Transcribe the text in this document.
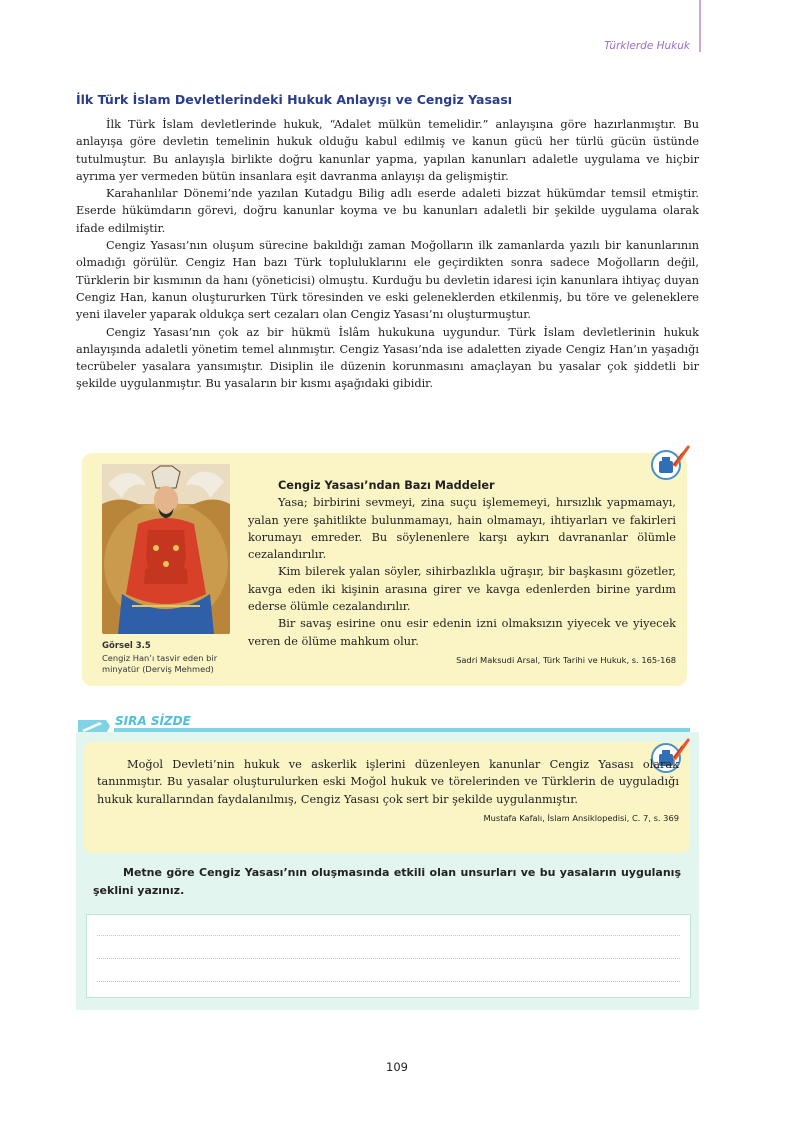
Türklerde Hukuk
İlk Türk İslam Devletlerindeki Hukuk Anlayışı ve Cengiz Yasası

İlk Türk İslam devletlerinde hukuk, “Adalet mülkün temelidir.” anlayışına göre hazırlanmıştır. Bu anlayışa göre devletin temelinin hukuk olduğu kabul edilmiş ve kanun gücü her türlü gücün üstünde tutulmuştur. Bu anlayışla birlikte doğru kanunlar yapma, yapılan kanunları adaletle uygulama ve hiçbir ayrıma yer vermeden bütün insanlara eşit davranma anlayışı da gelişmiştir.

Karahanlılar Dönemi’nde yazılan Kutadgu Bilig adlı eserde adaleti bizzat hükümdar temsil etmiştir. Eserde hükümdarın görevi, doğru kanunlar koyma ve bu kanunları adaletli bir şekilde uygulama olarak ifade edilmiştir.

Cengiz Yasası’nın oluşum sürecine bakıldığı zaman Moğolların ilk zamanlarda yazılı bir kanunlarının olmadığı görülür. Cengiz Han bazı Türk topluluklarını ele geçirdikten sonra sadece Moğolların değil, Türklerin bir kısmının da hanı (yöneticisi) olmuştu. Kurduğu bu devletin idaresi için kanunlara ihtiyaç duyan Cengiz Han, kanun oluştururken Türk töresinden ve eski geleneklerden etkilenmiş, bu töre ve geleneklere yeni ilaveler yaparak oldukça sert cezaları olan Cengiz Yasası’nı oluşturmuştur.

Cengiz Yasası’nın çok az bir hükmü İslâm hukukuna uygundur. Türk İslam devletlerinin hukuk anlayışında adaletli yönetim temel alınmıştır. Cengiz Yasası’nda ise adaletten ziyade Cengiz Han’ın yaşadığı tecrübeler yasalara yansımıştır. Disiplin ile düzenin korunmasını amaçlayan bu yasalar çok şiddetli bir şekilde uygulanmıştır. Bu yasaların bir kısmı aşağıdaki gibidir.

Görsel 3.5
Cengiz Han’ı tasvir eden bir minyatür (Derviş Mehmed)
Cengiz Yasası’ndan Bazı Maddeler

Yasa; birbirini sevmeyi, zina suçu işlememeyi, hırsızlık yapmamayı, yalan yere şahitlikte bulunmamayı, hain olmamayı, ihtiyarları ve fakirleri korumayı emreder. Bu söylenenlere karşı aykırı davrananlar ölümle cezalandırılır.

Kim bilerek yalan söyler, sihirbazlıkla uğraşır, bir başkasını gözetler, kavga eden iki kişinin arasına girer ve kavga edenlerden birine yardım ederse ölümle cezalandırılır.

Bir savaş esirine onu esir edenin izni olmaksızın yiyecek ve yiyecek veren de ölüme mahkum olur.

Sadri Maksudi Arsal, Türk Tarihi ve Hukuk, s. 165-168
SIRA SİZDE

Moğol Devleti’nin hukuk ve askerlik işlerini düzenleyen kanunlar Cengiz Yasası olarak tanınmıştır. Bu yasalar oluşturulurken eski Moğol hukuk ve törelerinden ve Türklerin de uyguladığı hukuk kurallarından faydalanılmış, Cengiz Yasası çok sert bir şekilde uygulanmıştır.

Mustafa Kafalı, İslam Ansiklopedisi, C. 7, s. 369
Metne göre Cengiz Yasası’nın oluşmasında etkili olan unsurları ve bu yasaların uygulanış şeklini yazınız.
109
